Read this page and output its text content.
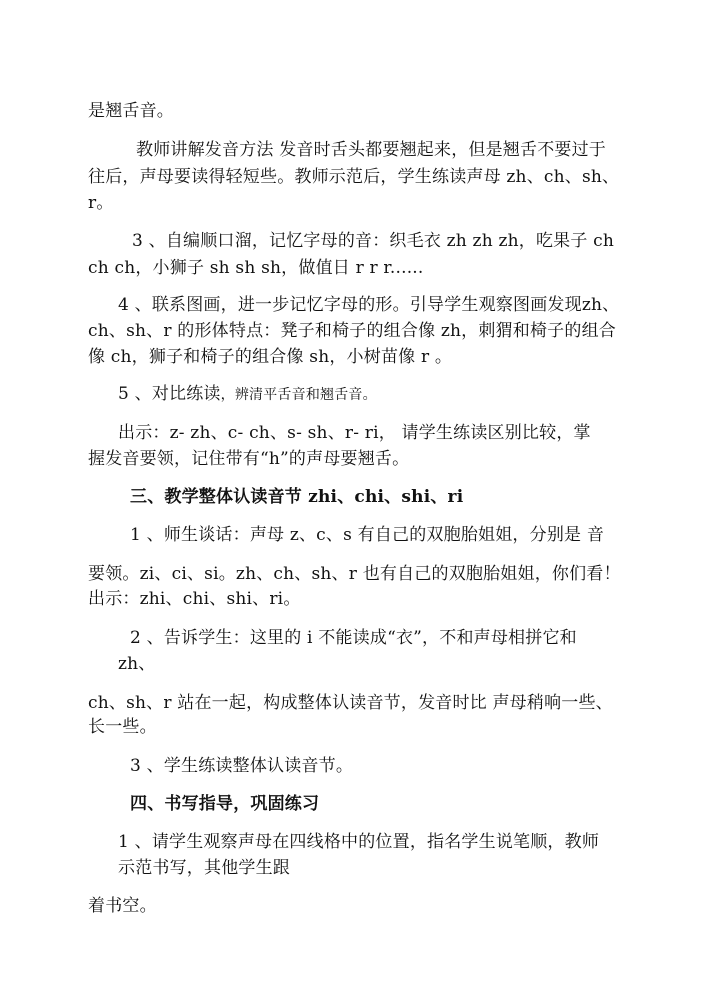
是翘舌音。
教师讲解发音方法 发音时舌头都要翘起来，但是翘舌不要过于
往后，声母要读得轻短些。教师示范后，学生练读声母 zh、ch、sh、
r。
3 、自编顺口溜，记忆字母的音：织毛衣 zh zh zh，吃果子 ch
ch ch，小狮子 sh sh sh，做值日 r r r......
4 、联系图画，进一步记忆字母的形。引导学生观察图画发现zh、
ch、sh、r 的形体特点：凳子和椅子的组合像 zh，刺猬和椅子的组合
像 ch，狮子和椅子的组合像 sh，小树苗像 r 。
5 、对比练读，辨清平舌音和翘舌音。
出示：z- zh、c- ch、s- sh、r- ri， 请学生练读区别比较，掌
握发音要领，记住带有“h”的声母要翘舌。
三、教学整体认读音节 zhi、chi、shi、ri
1 、师生谈话：声母 z、c、s 有自己的双胞胎姐姐，分别是 音
要领。zi、ci、si。zh、ch、sh、r 也有自己的双胞胎姐姐，你们看！
出示：zhi、chi、shi、ri。
2 、告诉学生：这里的 i 不能读成“衣”，不和声母相拼它和
zh、
ch、sh、r 站在一起，构成整体认读音节，发音时比 声母稍响一些、
长一些。
3 、学生练读整体认读音节。
四、书写指导，巩固练习
1 、请学生观察声母在四线格中的位置，指名学生说笔顺，教师
示范书写，其他学生跟
着书空。
